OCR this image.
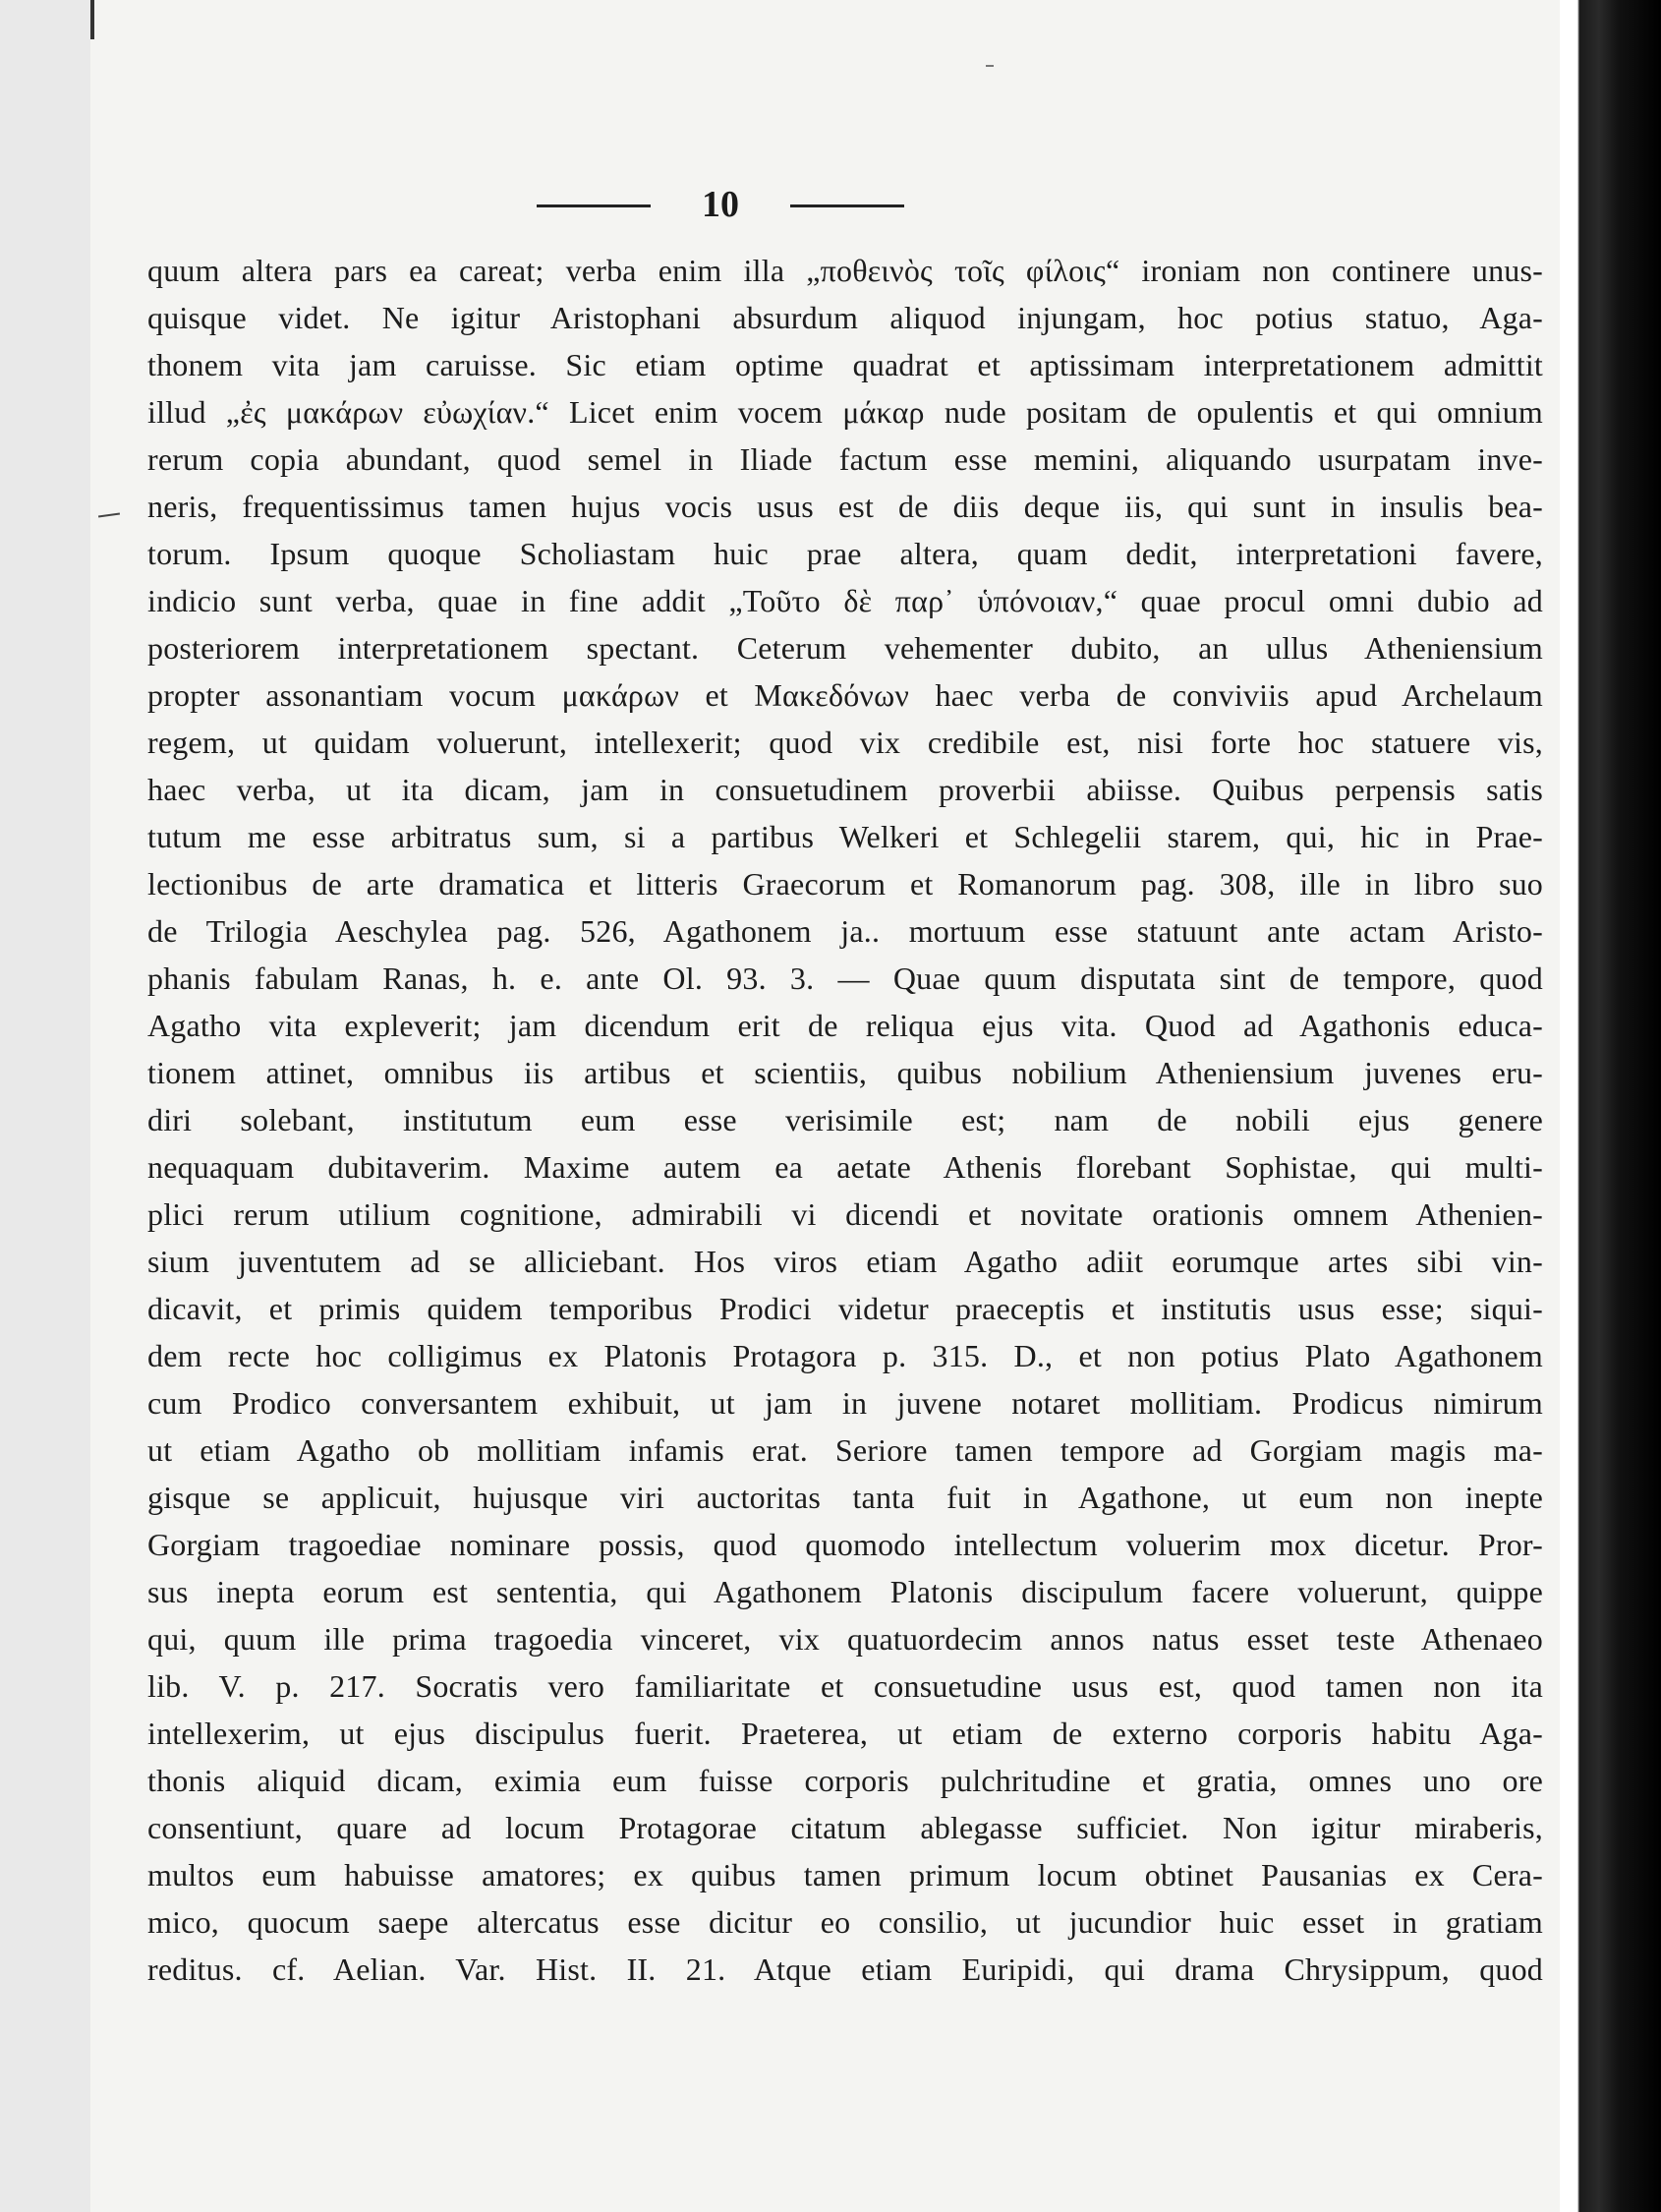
10
quum altera pars ea careat; verba enim illa „ποθεινὸς τοῖς φίλοις“ ironiam non continere unus-
quisque videt. Ne igitur Aristophani absurdum aliquod injungam, hoc potius statuo, Aga-
thonem vita jam caruisse. Sic etiam optime quadrat et aptissimam interpretationem admittit
illud „ἐς μακάρων εὐωχίαν.“ Licet enim vocem μάκαρ nude positam de opulentis et qui omnium
rerum copia abundant, quod semel in Iliade factum esse memini, aliquando usurpatam inve-
neris, frequentissimus tamen hujus vocis usus est de diis deque iis, qui sunt in insulis bea-
torum. Ipsum quoque Scholiastam huic prae altera, quam dedit, interpretationi favere,
indicio sunt verba, quae in fine addit „Τοῦτο δὲ παρ᾽ ὑπόνοιαν,“ quae procul omni dubio ad
posteriorem interpretationem spectant. Ceterum vehementer dubito, an ullus Atheniensium
propter assonantiam vocum μακάρων et Μακεδόνων haec verba de conviviis apud Archelaum
regem, ut quidam voluerunt, intellexerit; quod vix credibile est, nisi forte hoc statuere vis,
haec verba, ut ita dicam, jam in consuetudinem proverbii abiisse. Quibus perpensis satis
tutum me esse arbitratus sum, si a partibus Welkeri et Schlegelii starem, qui, hic in Prae-
lectionibus de arte dramatica et litteris Graecorum et Romanorum pag. 308, ille in libro suo
de Trilogia Aeschylea pag. 526, Agathonem ja.. mortuum esse statuunt ante actam Aristo-
phanis fabulam Ranas, h. e. ante Ol. 93. 3. — Quae quum disputata sint de tempore, quod
Agatho vita expleverit; jam dicendum erit de reliqua ejus vita. Quod ad Agathonis educa-
tionem attinet, omnibus iis artibus et scientiis, quibus nobilium Atheniensium juvenes eru-
diri solebant, institutum eum esse verisimile est; nam de nobili ejus genere
nequaquam dubitaverim. Maxime autem ea aetate Athenis florebant Sophistae, qui multi-
plici rerum utilium cognitione, admirabili vi dicendi et novitate orationis omnem Athenien-
sium juventutem ad se alliciebant. Hos viros etiam Agatho adiit eorumque artes sibi vin-
dicavit, et primis quidem temporibus Prodici videtur praeceptis et institutis usus esse; siqui-
dem recte hoc colligimus ex Platonis Protagora p. 315. D., et non potius Plato Agathonem
cum Prodico conversantem exhibuit, ut jam in juvene notaret mollitiam. Prodicus nimirum
ut etiam Agatho ob mollitiam infamis erat. Seriore tamen tempore ad Gorgiam magis ma-
gisque se applicuit, hujusque viri auctoritas tanta fuit in Agathone, ut eum non inepte
Gorgiam tragoediae nominare possis, quod quomodo intellectum voluerim mox dicetur. Pror-
sus inepta eorum est sententia, qui Agathonem Platonis discipulum facere voluerunt, quippe
qui, quum ille prima tragoedia vinceret, vix quatuordecim annos natus esset teste Athenaeo
lib. V. p. 217. Socratis vero familiaritate et consuetudine usus est, quod tamen non ita
intellexerim, ut ejus discipulus fuerit. Praeterea, ut etiam de externo corporis habitu Aga-
thonis aliquid dicam, eximia eum fuisse corporis pulchritudine et gratia, omnes uno ore
consentiunt, quare ad locum Protagorae citatum ablegasse sufficiet. Non igitur miraberis,
multos eum habuisse amatores; ex quibus tamen primum locum obtinet Pausanias ex Cera-
mico, quocum saepe altercatus esse dicitur eo consilio, ut jucundior huic esset in gratiam
reditus. cf. Aelian. Var. Hist. II. 21. Atque etiam Euripidi, qui drama Chrysippum, quod
